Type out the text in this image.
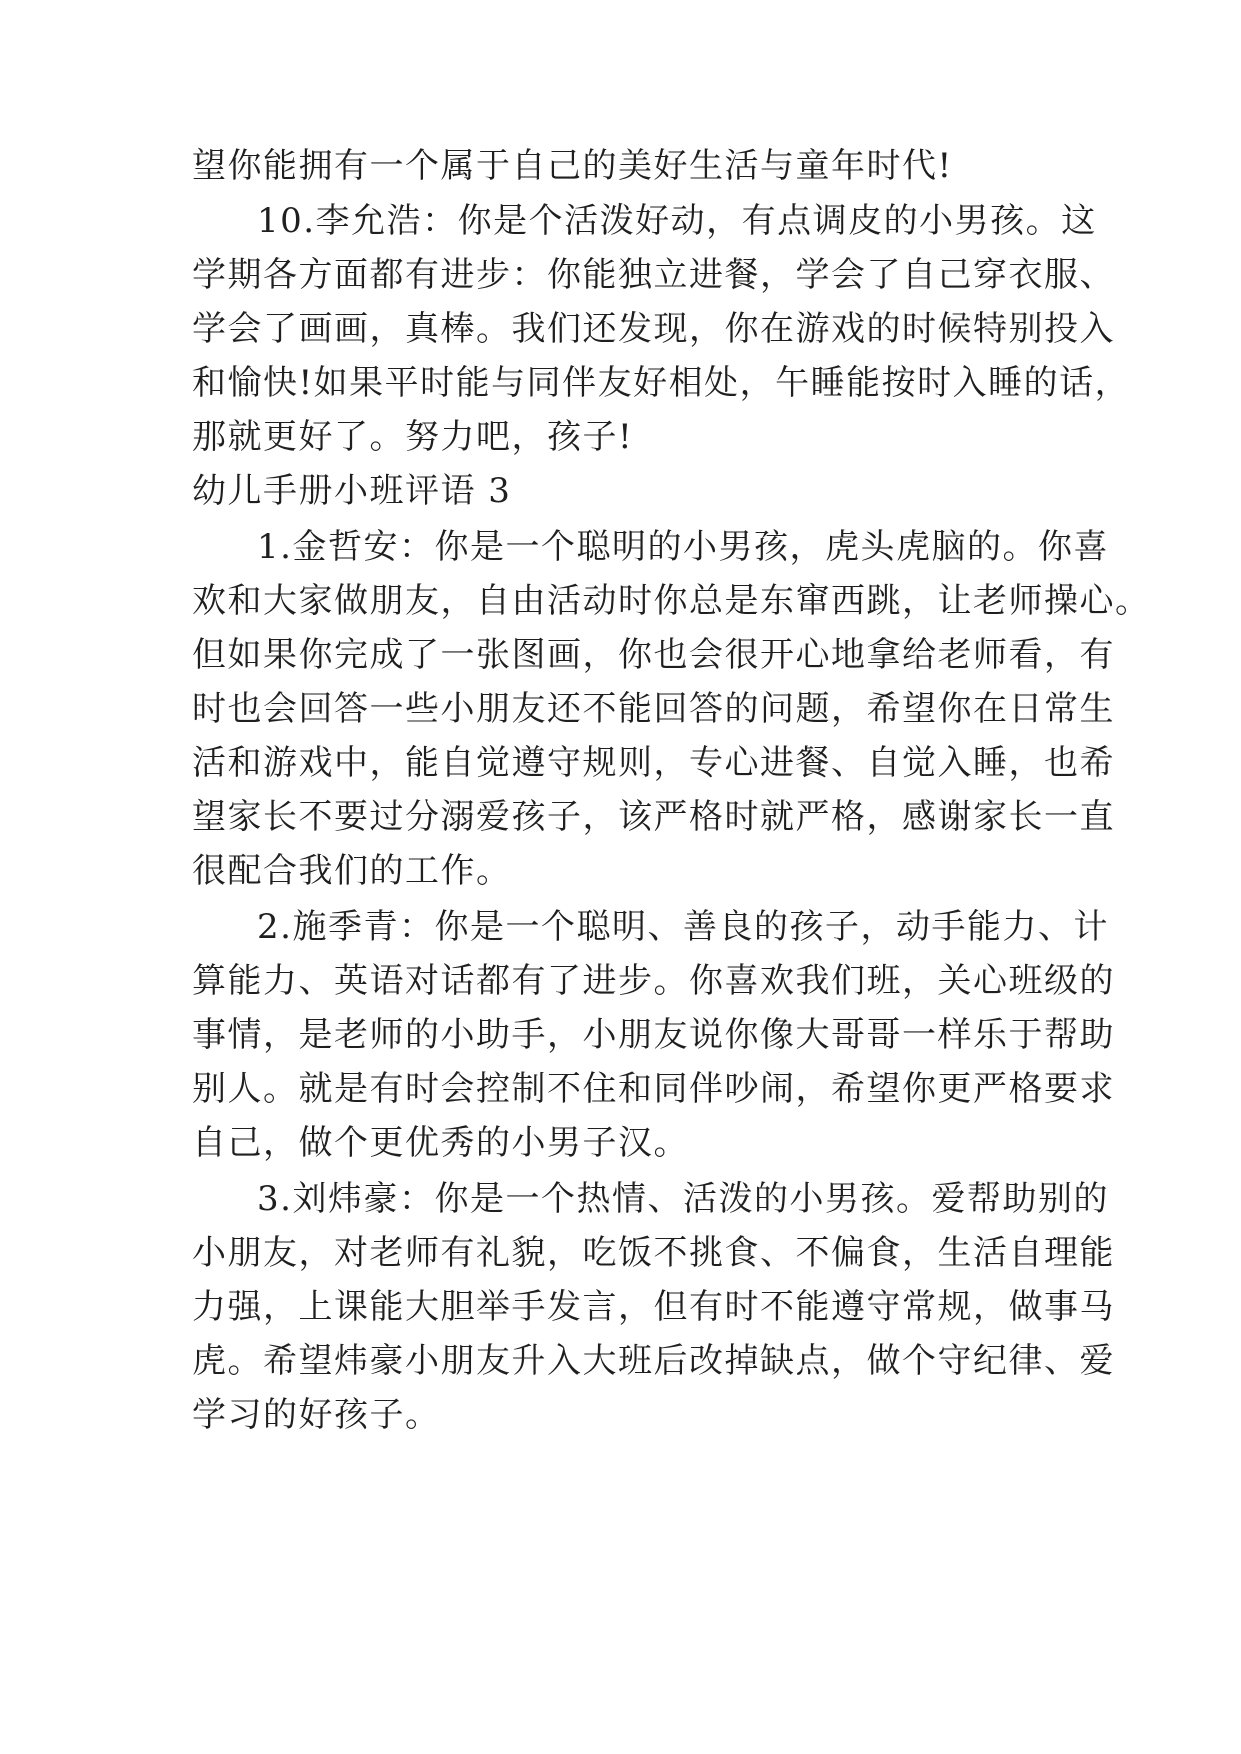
望你能拥有一个属于自己的美好生活与童年时代!

10.李允浩：你是个活泼好动，有点调皮的小男孩。这

学期各方面都有进步：你能独立进餐，学会了自己穿衣服、

学会了画画，真棒。我们还发现，你在游戏的时候特别投入

和愉快!如果平时能与同伴友好相处，午睡能按时入睡的话，

那就更好了。努力吧，孩子!

幼儿手册小班评语 3

1.金哲安：你是一个聪明的小男孩，虎头虎脑的。你喜

欢和大家做朋友，自由活动时你总是东窜西跳，让老师操心。

但如果你完成了一张图画，你也会很开心地拿给老师看，有

时也会回答一些小朋友还不能回答的问题，希望你在日常生

活和游戏中，能自觉遵守规则，专心进餐、自觉入睡，也希

望家长不要过分溺爱孩子，该严格时就严格，感谢家长一直

很配合我们的工作。

2.施季青：你是一个聪明、善良的孩子，动手能力、计

算能力、英语对话都有了进步。你喜欢我们班，关心班级的

事情，是老师的小助手，小朋友说你像大哥哥一样乐于帮助

别人。就是有时会控制不住和同伴吵闹，希望你更严格要求

自己，做个更优秀的小男子汉。

3.刘炜豪：你是一个热情、活泼的小男孩。爱帮助别的

小朋友，对老师有礼貌，吃饭不挑食、不偏食，生活自理能

力强，上课能大胆举手发言，但有时不能遵守常规，做事马

虎。希望炜豪小朋友升入大班后改掉缺点，做个守纪律、爱

学习的好孩子。
